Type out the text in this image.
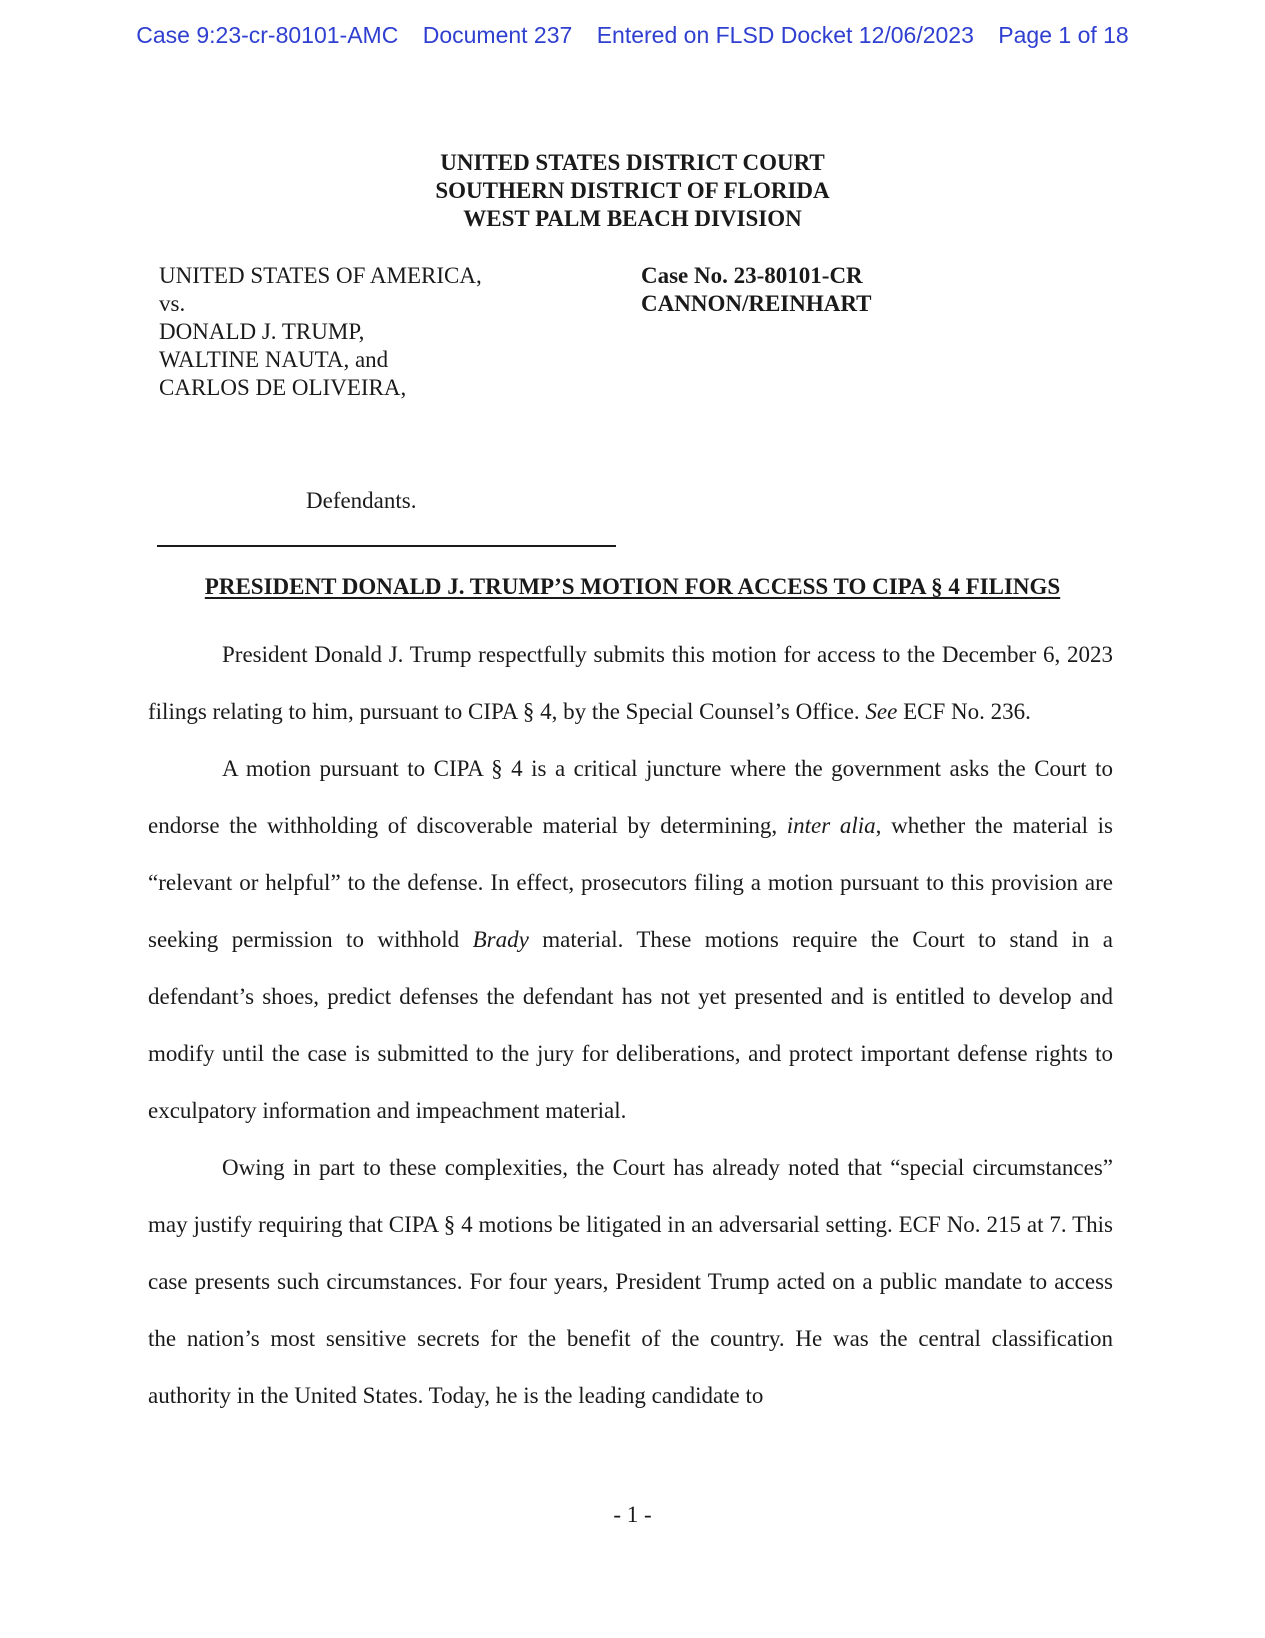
Case 9:23-cr-80101-AMC Document 237 Entered on FLSD Docket 12/06/2023 Page 1 of 18
UNITED STATES DISTRICT COURT
SOUTHERN DISTRICT OF FLORIDA
WEST PALM BEACH DIVISION
UNITED STATES OF AMERICA,
vs.
DONALD J. TRUMP,
WALTINE NAUTA, and
CARLOS DE OLIVEIRA,
Defendants.
Case No. 23-80101-CR
CANNON/REINHART
PRESIDENT DONALD J. TRUMP’S MOTION FOR ACCESS TO CIPA § 4 FILINGS

President Donald J. Trump respectfully submits this motion for access to the December 6, 2023 filings relating to him, pursuant to CIPA § 4, by the Special Counsel’s Office. See ECF No. 236.

A motion pursuant to CIPA § 4 is a critical juncture where the government asks the Court to endorse the withholding of discoverable material by determining, inter alia, whether the material is “relevant or helpful” to the defense. In effect, prosecutors filing a motion pursuant to this provision are seeking permission to withhold Brady material. These motions require the Court to stand in a defendant’s shoes, predict defenses the defendant has not yet presented and is entitled to develop and modify until the case is submitted to the jury for deliberations, and protect important defense rights to exculpatory information and impeachment material.

Owing in part to these complexities, the Court has already noted that “special circumstances” may justify requiring that CIPA § 4 motions be litigated in an adversarial setting. ECF No. 215 at 7. This case presents such circumstances. For four years, President Trump acted on a public mandate to access the nation’s most sensitive secrets for the benefit of the country. He was the central classification authority in the United States. Today, he is the leading candidate to

- 1 -
